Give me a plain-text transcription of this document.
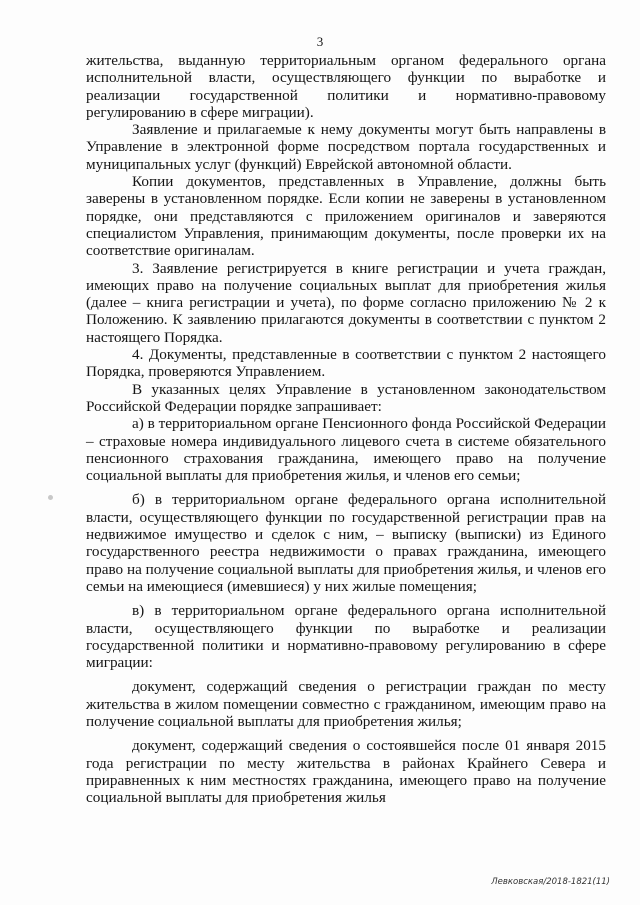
3

жительства, выданную территориальным органом федерального органа исполнительной власти, осуществляющего функции по выработке и реализации государственной политики и нормативно-правовому регулированию в сфере миграции).

Заявление и прилагаемые к нему документы могут быть направлены в Управление в электронной форме посредством портала государственных и муниципальных услуг (функций) Еврейской автономной области.

Копии документов, представленных в Управление, должны быть заверены в установленном порядке. Если копии не заверены в установленном порядке, они представляются с приложением оригиналов и заверяются специалистом Управления, принимающим документы, после проверки их на соответствие оригиналам.

3. Заявление регистрируется в книге регистрации и учета граждан, имеющих право на получение социальных выплат для приобретения жилья (далее – книга регистрации и учета), по форме согласно приложению № 2 к Положению. К заявлению прилагаются документы в соответствии с пунктом 2 настоящего Порядка.

4. Документы, представленные в соответствии с пунктом 2 настоящего Порядка, проверяются Управлением.

В указанных целях Управление в установленном законодательством Российской Федерации порядке запрашивает:

а) в территориальном органе Пенсионного фонда Российской Федерации – страховые номера индивидуального лицевого счета в системе обязательного пенсионного страхования гражданина, имеющего право на получение социальной выплаты для приобретения жилья, и членов его семьи;

б) в территориальном органе федерального органа исполнительной власти, осуществляющего функции по государственной регистрации прав на недвижимое имущество и сделок с ним, – выписку (выписки) из Единого государственного реестра недвижимости о правах гражданина, имеющего право на получение социальной выплаты для приобретения жилья, и членов его семьи на имеющиеся (имевшиеся) у них жилые помещения;

в) в территориальном органе федерального органа исполнительной власти, осуществляющего функции по выработке и реализации государственной политики и нормативно-правовому регулированию в сфере миграции:

документ, содержащий сведения о регистрации граждан по месту жительства в жилом помещении совместно с гражданином, имеющим право на получение социальной выплаты для приобретения жилья;

документ, содержащий сведения о состоявшейся после 01 января 2015 года регистрации по месту жительства в районах Крайнего Севера и приравненных к ним местностях гражданина, имеющего право на получение социальной выплаты для приобретения жилья

Левковская/2018-1821(11)
